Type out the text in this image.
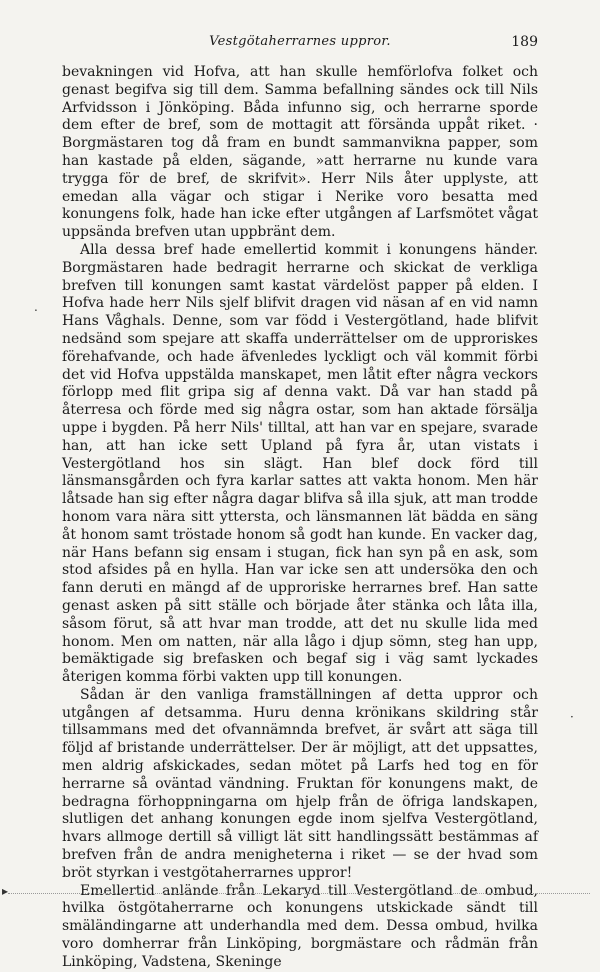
Vestgötaherrarnes uppror.	189

bevakningen vid Hofva, att han skulle hemförlofva folket och genast begifva sig till dem. Samma befallning sändes ock till Nils Arfvidsson i Jönköping. Båda infunno sig, och herrarne sporde dem efter de bref, som de mottagit att försända uppåt riket. · Borgmästaren tog då fram en bundt sammanvikna papper, som han kastade på elden, sägande, »att herrarne nu kunde vara trygga för de bref, de skrifvit». Herr Nils åter upplyste, att emedan alla vägar och stigar i Nerike voro besatta med konungens folk, hade han icke efter utgången af Larfsmötet vågat uppsända brefven utan uppbränt dem.

Alla dessa bref hade emellertid kommit i konungens händer. Borgmästaren hade bedragit herrarne och skickat de verkliga brefven till konungen samt kastat värdelöst papper på elden. I Hofva hade herr Nils sjelf blifvit dragen vid näsan af en vid namn Hans Våghals. Denne, som var född i Vestergötland, hade blifvit nedsänd som spejare att skaffa underrättelser om de upproriskes förehafvande, och hade äfvenledes lyckligt och väl kommit förbi det vid Hofva uppstälda manskapet, men låtit efter några veckors förlopp med flit gripa sig af denna vakt. Då var han stadd på återresa och förde med sig några ostar, som han aktade försälja uppe i bygden. På herr Nils' tilltal, att han var en spejare, svarade han, att han icke sett Upland på fyra år, utan vistats i Vestergötland hos sin slägt. Han blef dock förd till länsmansgården och fyra karlar sattes att vakta honom. Men här låtsade han sig efter några dagar blifva så illa sjuk, att man trodde honom vara nära sitt yttersta, och länsmannen lät bädda en säng åt honom samt tröstade honom så godt han kunde. En vacker dag, när Hans befann sig ensam i stugan, fick han syn på en ask, som stod afsides på en hylla. Han var icke sen att undersöka den och fann deruti en mängd af de upproriske herrarnes bref. Han satte genast asken på sitt ställe och började åter stänka och låta illa, såsom förut, så att hvar man trodde, att det nu skulle lida med honom. Men om natten, när alla lågo i djup sömn, steg han upp, bemäktigade sig brefasken och begaf sig i väg samt lyckades återigen komma förbi vakten upp till konungen.

Sådan är den vanliga framställningen af detta uppror och utgången af detsamma. Huru denna krönikans skildring står tillsammans med det ofvannämnda brefvet, är svårt att säga till följd af bristande underrättelser. Der är möjligt, att det uppsattes, men aldrig afskickades, sedan mötet på Larfs hed tog en för herrarne så oväntad vändning. Fruktan för konungens makt, de bedragna förhoppningarna om hjelp från de öfriga landskapen, slutligen det anhang konungen egde inom sjelfva Vestergötland, hvars allmoge dertill så villigt lät sitt handlingssätt bestämmas af brefven från de andra menigheterna i riket — se der hvad som bröt styrkan i vestgötaherrarnes uppror!

Emellertid anlände från Lekaryd till Vestergötland de ombud, hvilka östgötaherrarne och konungens utskickade sändt till smäländingarne att underhandla med dem. Dessa ombud, hvilka voro domherrar från Linköping, borgmästare och rådmän från Linköping, Vadstena, Skeninge

.
·
▸
